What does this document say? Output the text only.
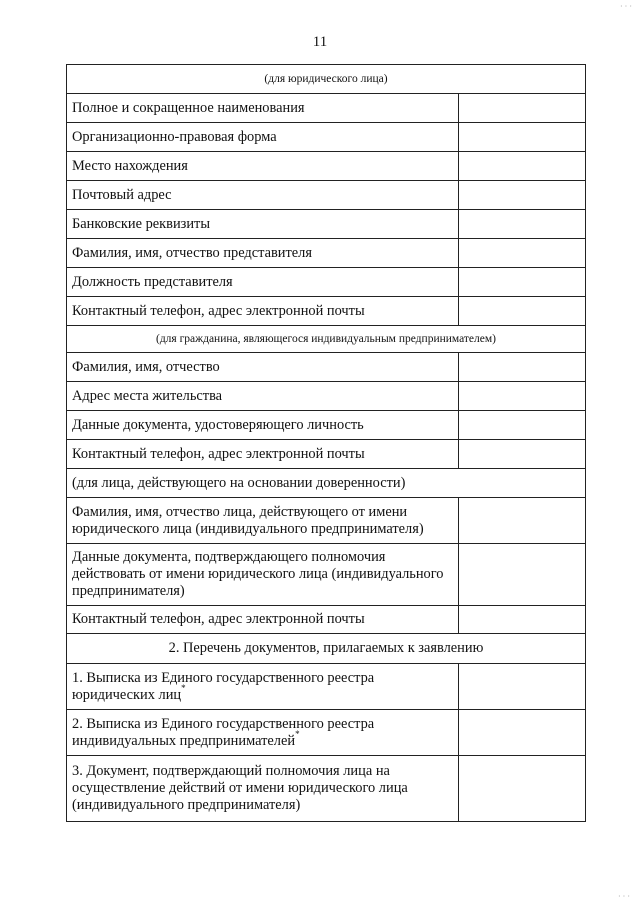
11
(для юридического лица)	
Полное и сокращенное наименования	
Организационно-правовая форма	
Место нахождения	
Почтовый адрес	
Банковские реквизиты	
Фамилия, имя, отчество представителя	
Должность представителя	
Контактный телефон, адрес электронной почты	
(для гражданина, являющегося индивидуальным предпринимателем)	
Фамилия, имя, отчество	
Адрес места жительства	
Данные документа, удостоверяющего личность	
Контактный телефон, адрес электронной почты	
(для лица, действующего на основании доверенности)	
Фамилия, имя, отчество лица, действующего от имени юридического лица (индивидуального предпринимателя)	
Данные документа, подтверждающего полномочия действовать от имени юридического лица (индивидуального предпринимателя)	
Контактный телефон, адрес электронной почты	
2. Перечень документов, прилагаемых к заявлению	
1. Выписка из Единого государственного реестра юридических лиц*	
2. Выписка из Единого государственного реестра индивидуальных предпринимателей*	
3. Документ, подтверждающий полномочия лица на осуществление действий от имени юридического лица (индивидуального предпринимателя)	
· · ·
· · ·
